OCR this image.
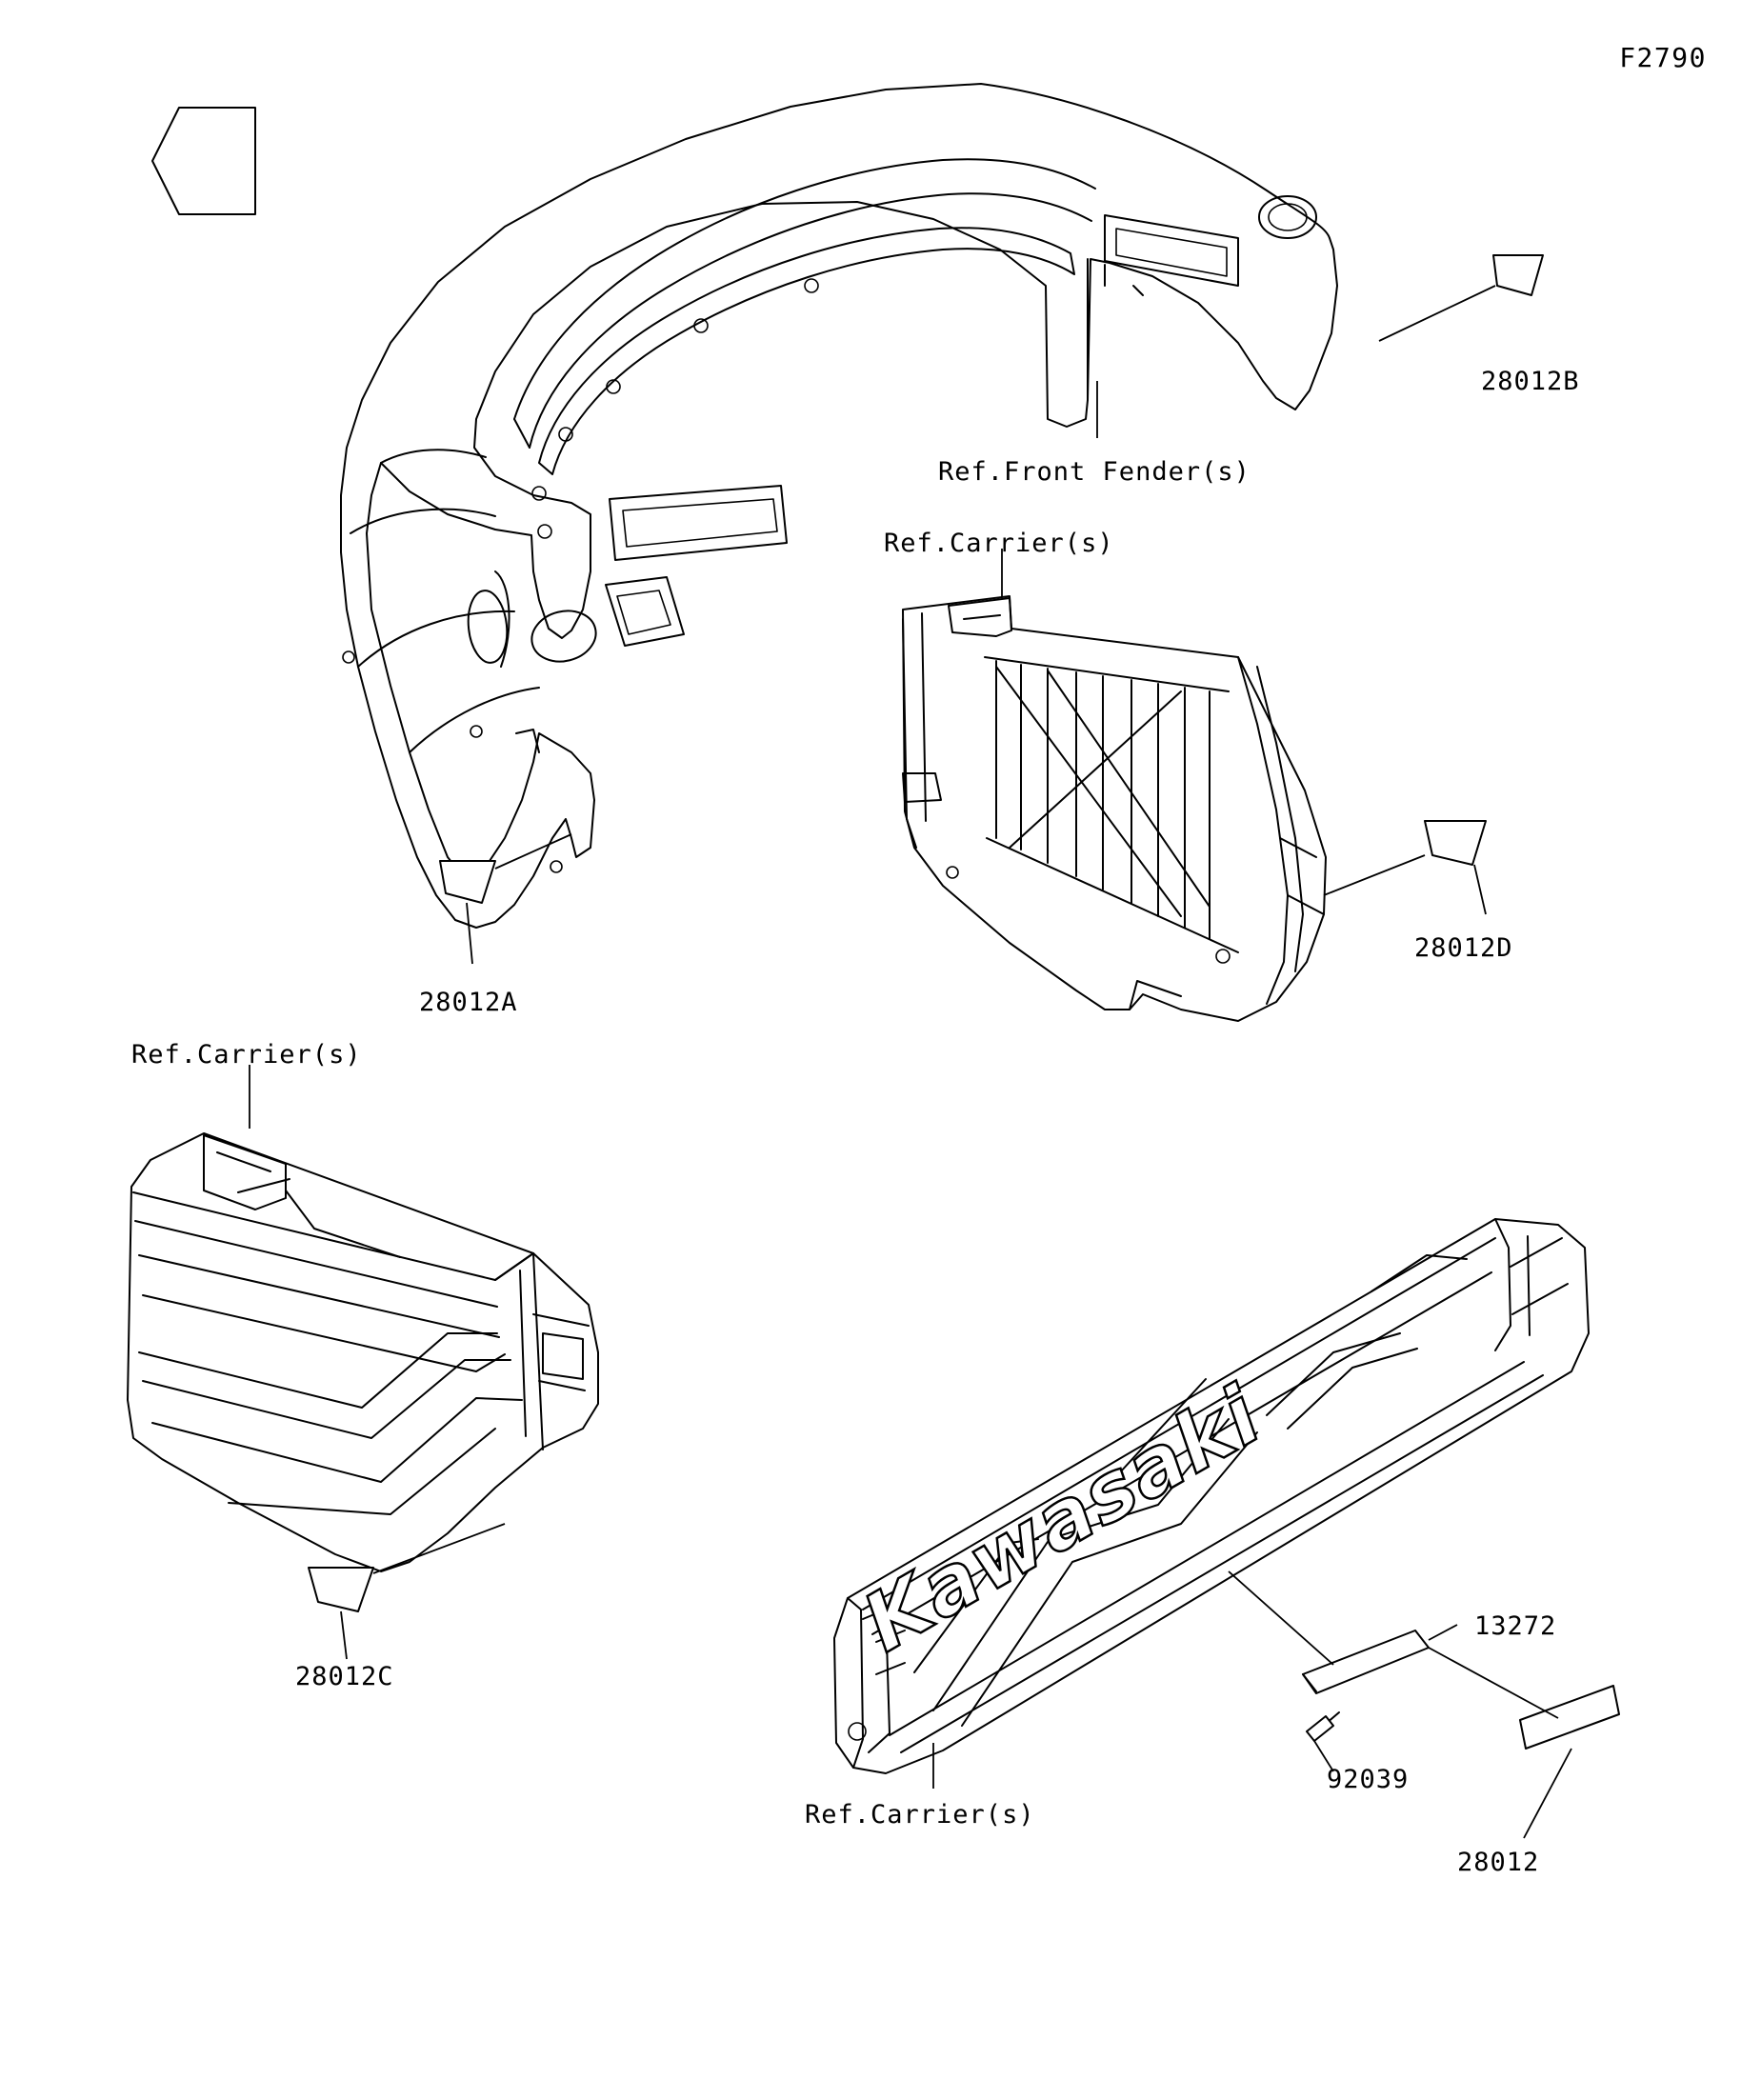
F2790
Kawasaki
28012B
28012A
28012D
28012C
13272
92039
28012
Ref.Front Fender(s)
Ref.Carrier(s)
Ref.Carrier(s)
Ref.Carrier(s)
